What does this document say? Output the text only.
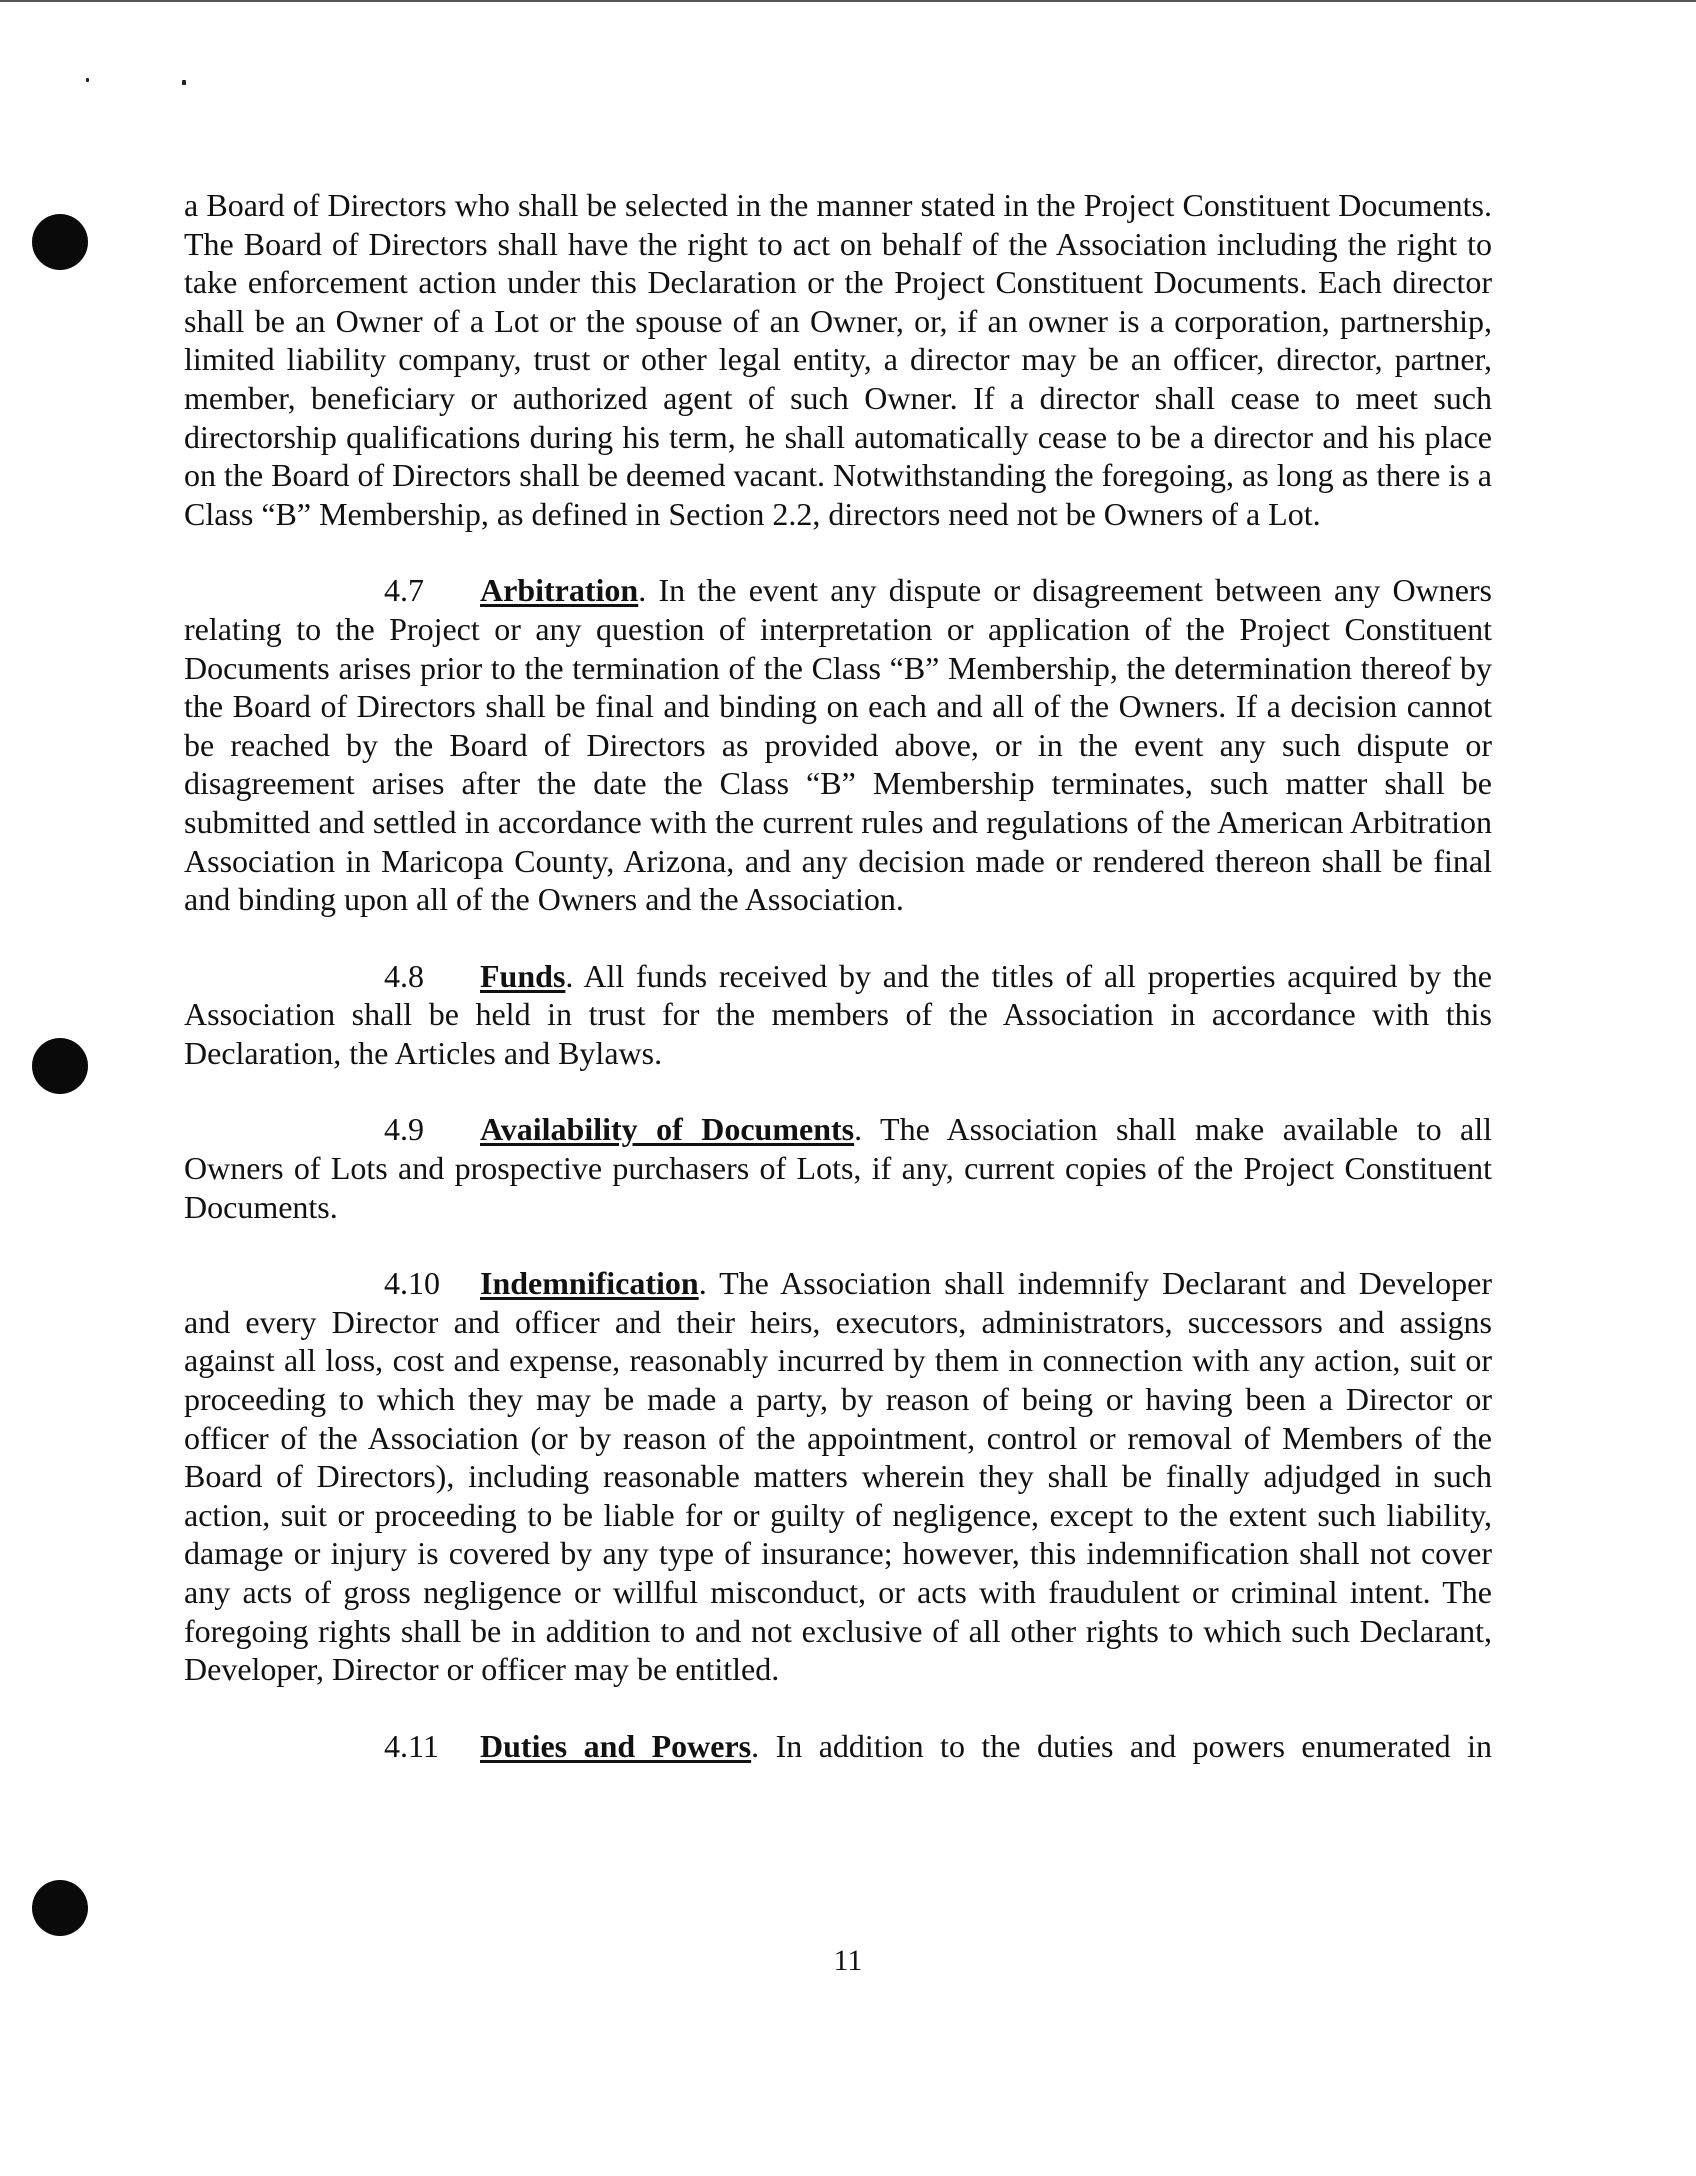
a Board of Directors who shall be selected in the manner stated in the Project Constituent Documents. The Board of Directors shall have the right to act on behalf of the Association including the right to take enforcement action under this Declaration or the Project Constituent Documents. Each director shall be an Owner of a Lot or the spouse of an Owner, or, if an owner is a corporation, partnership, limited liability company, trust or other legal entity, a director may be an officer, director, partner, member, beneficiary or authorized agent of such Owner. If a director shall cease to meet such directorship qualifications during his term, he shall automatically cease to be a director and his place on the Board of Directors shall be deemed vacant. Notwithstanding the foregoing, as long as there is a Class “B” Membership, as defined in Section 2.2, directors need not be Owners of a Lot.

4.7 Arbitration. In the event any dispute or disagreement between any Owners relating to the Project or any question of interpretation or application of the Project Constituent Documents arises prior to the termination of the Class “B” Membership, the determination thereof by the Board of Directors shall be final and binding on each and all of the Owners. If a decision cannot be reached by the Board of Directors as provided above, or in the event any such dispute or disagreement arises after the date the Class “B” Membership terminates, such matter shall be submitted and settled in accordance with the current rules and regulations of the American Arbitration Association in Maricopa County, Arizona, and any decision made or rendered thereon shall be final and binding upon all of the Owners and the Association.

4.8 Funds. All funds received by and the titles of all properties acquired by the Association shall be held in trust for the members of the Association in accordance with this Declaration, the Articles and Bylaws.

4.9 Availability of Documents. The Association shall make available to all Owners of Lots and prospective purchasers of Lots, if any, current copies of the Project Constituent Documents.

4.10 Indemnification. The Association shall indemnify Declarant and Developer and every Director and officer and their heirs, executors, administrators, successors and assigns against all loss, cost and expense, reasonably incurred by them in connection with any action, suit or proceeding to which they may be made a party, by reason of being or having been a Director or officer of the Association (or by reason of the appointment, control or removal of Members of the Board of Directors), including reasonable matters wherein they shall be finally adjudged in such action, suit or proceeding to be liable for or guilty of negligence, except to the extent such liability, damage or injury is covered by any type of insurance; however, this indemnification shall not cover any acts of gross negligence or willful misconduct, or acts with fraudulent or criminal intent. The foregoing rights shall be in addition to and not exclusive of all other rights to which such Declarant, Developer, Director or officer may be entitled.

4.11 Duties and Powers. In addition to the duties and powers enumerated in

11
